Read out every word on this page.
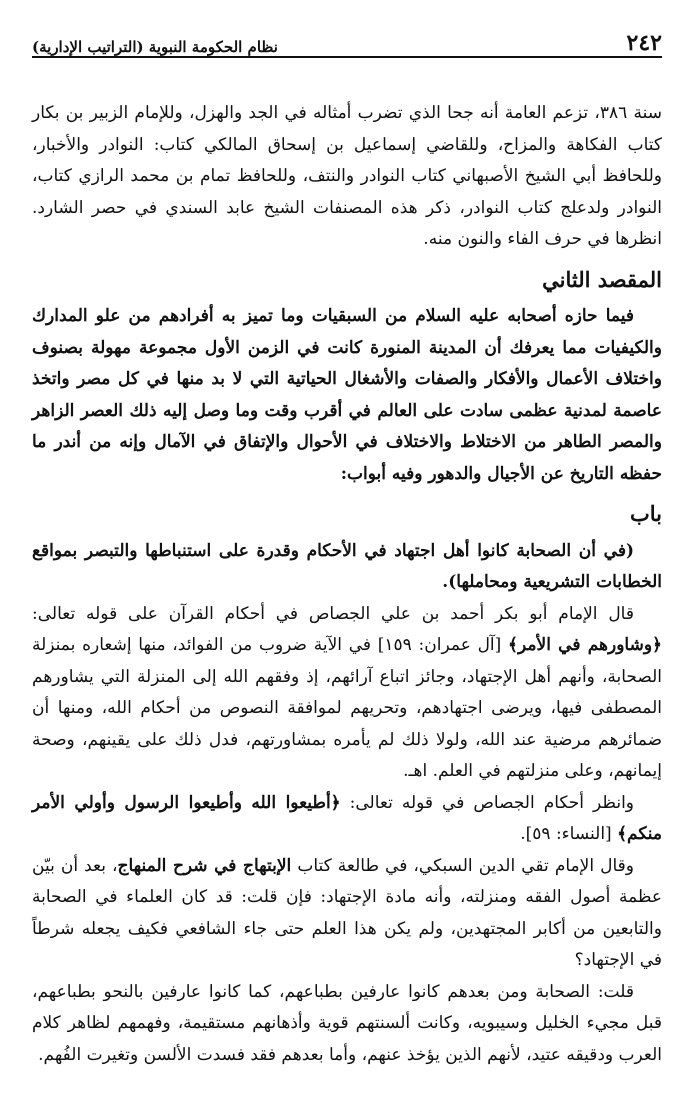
٢٤٢
نظام الحكومة النبوية (التراتيب الإدارية)

سنة ٣٨٦، تزعم العامة أنه جحا الذي تضرب أمثاله في الجد والهزل، وللإمام الزبير بن بكار كتاب الفكاهة والمزاح، وللقاضي إسماعيل بن إسحاق المالكي كتاب: النوادر والأخبار، وللحافظ أبي الشيخ الأصبهاني كتاب النوادر والنتف، وللحافظ تمام بن محمد الرازي كتاب، النوادر ولدعلج كتاب النوادر، ذكر هذه المصنفات الشيخ عابد السندي في حصر الشارد. انظرها في حرف الفاء والنون منه.

المقصد الثاني

فيما حازه أصحابه عليه السلام من السبقيات وما تميز به أفرادهم من علو المدارك والكيفيات مما يعرفك أن المدينة المنورة كانت في الزمن الأول مجموعة مهولة بصنوف واختلاف الأعمال والأفكار والصفات والأشغال الحياتية التي لا بد منها في كل مصر واتخذ عاصمة لمدنية عظمى سادت على العالم في أقرب وقت وما وصل إليه ذلك العصر الزاهر والمصر الطاهر من الاختلاط والاختلاف في الأحوال والإتفاق في الآمال وإنه من أندر ما حفظه التاريخ عن الأجيال والدهور وفيه أبواب:

باب

(في أن الصحابة كانوا أهل اجتهاد في الأحكام وقدرة على استنباطها والتبصر بمواقع الخطابات التشريعية ومحاملها).

قال الإمام أبو بكر أحمد بن علي الجصاص في أحكام القرآن على قوله تعالى: ﴿وشاورهم في الأمر﴾ [آل عمران: ١٥٩] في الآية ضروب من الفوائد، منها إشعاره بمنزلة الصحابة، وأنهم أهل الإجتهاد، وجائز اتباع آرائهم، إذ وفقهم الله إلى المنزلة التي يشاورهم المصطفى فيها، ويرضى اجتهادهم، وتحريهم لموافقة النصوص من أحكام الله، ومنها أن ضمائرهم مرضية عند الله، ولولا ذلك لم يأمره بمشاورتهم، فدل ذلك على يقينهم، وصحة إيمانهم، وعلى منزلتهم في العلم. اهـ.

وانظر أحكام الجصاص في قوله تعالى: ﴿أطيعوا الله وأطيعوا الرسول وأولي الأمر منكم﴾ [النساء: ٥٩].

وقال الإمام تقي الدين السبكي، في طالعة كتاب الإبتهاج في شرح المنهاج، بعد أن بيّن عظمة أصول الفقه ومنزلته، وأنه مادة الإجتهاد: فإن قلت: قد كان العلماء في الصحابة والتابعين من أكابر المجتهدين، ولم يكن هذا العلم حتى جاء الشافعي فكيف يجعله شرطاً في الإجتهاد؟

قلت: الصحابة ومن بعدهم كانوا عارفين بطباعهم، كما كانوا عارفين بالنحو بطباعهم، قبل مجيء الخليل وسيبويه، وكانت ألسنتهم قوية وأذهانهم مستقيمة، وفهمهم لظاهر كلام العرب ودقيقه عتيد، لأنهم الذين يؤخذ عنهم، وأما بعدهم فقد فسدت الألسن وتغيرت الفُهم.
